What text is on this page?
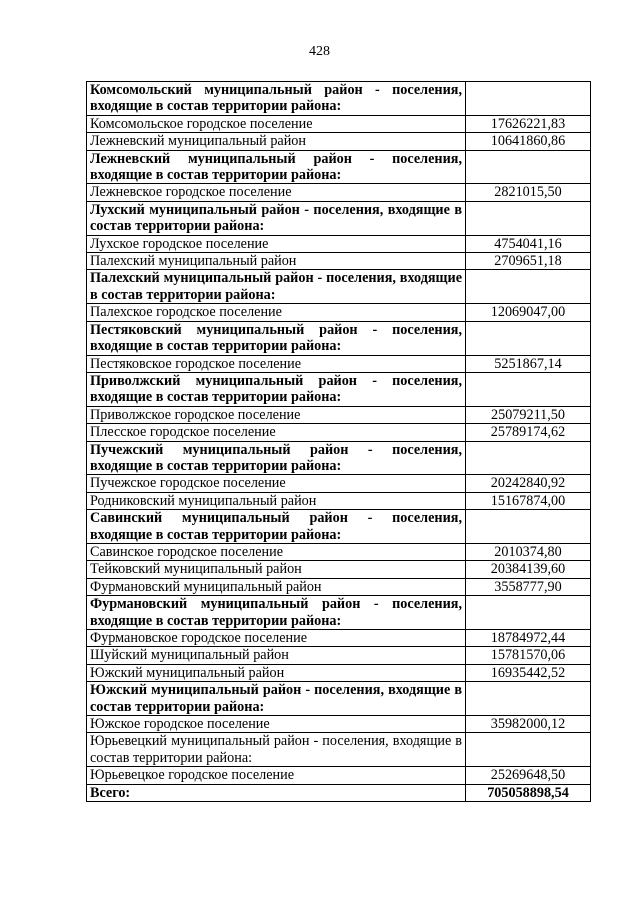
428
Комсомольский муниципальный район - поселения, входящие в состав территории района:	
Комсомольское городское поселение	17626221,83
Лежневский муниципальный район	10641860,86
Лежневский муниципальный район - поселения, входящие в состав территории района:	
Лежневское городское поселение	2821015,50
Лухский муниципальный район - поселения, входящие в состав территории района:	
Лухское городское поселение	4754041,16
Палехский муниципальный район	2709651,18
Палехский муниципальный район - поселения, входящие в состав территории района:	
Палехское городское поселение	12069047,00
Пестяковский муниципальный район - поселения, входящие в состав территории района:	
Пестяковское городское поселение	5251867,14
Приволжский муниципальный район - поселения, входящие в состав территории района:	
Приволжское городское поселение	25079211,50
Плесское городское поселение	25789174,62
Пучежский муниципальный район - поселения, входящие в состав территории района:	
Пучежское городское поселение	20242840,92
Родниковский муниципальный район	15167874,00
Савинский муниципальный район - поселения, входящие в состав территории района:	
Савинское городское поселение	2010374,80
Тейковский муниципальный район	20384139,60
Фурмановский муниципальный район	3558777,90
Фурмановский муниципальный район - поселения, входящие в состав территории района:	
Фурмановское городское поселение	18784972,44
Шуйский муниципальный район	15781570,06
Южский муниципальный район	16935442,52
Южский муниципальный район - поселения, входящие в состав территории района:	
Южское городское поселение	35982000,12
Юрьевецкий муниципальный район - поселения, входящие в состав территории района:	
Юрьевецкое городское поселение	25269648,50
Всего:	705058898,54
